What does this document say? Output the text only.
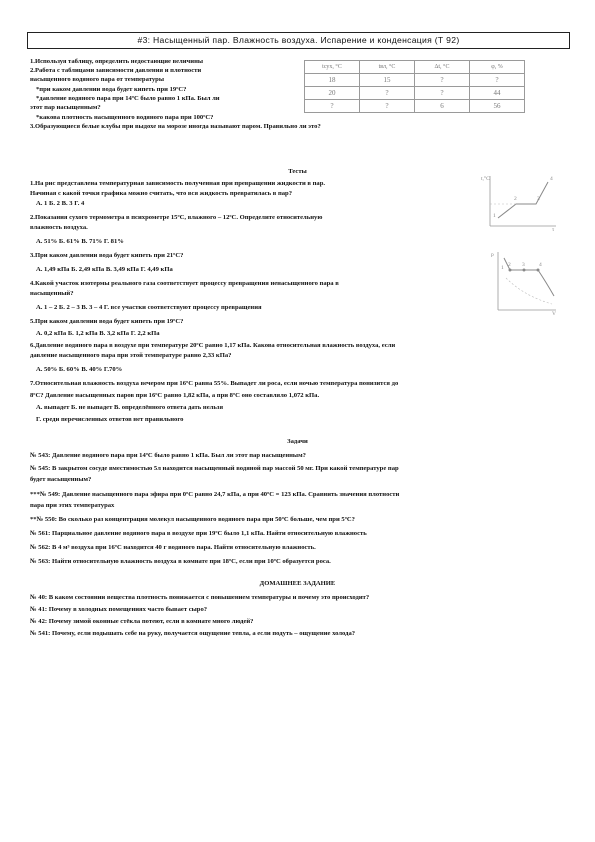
#3: Насыщенный пар. Влажность воздуха. Испарение и конденсация (Т 92)
1.Используя таблицу, определить недостающие величины
2.Работа с таблицами зависимости давления и плотности
насыщенного водяного пара от температуры
*при каком давлении вода будет кипеть при 19ºС?
*давление водяного пара при 14ºС было равно 1 кПа. Был ли
этот пар насыщенным?
*какова плотность насыщенного водяного пара при 100ºС?
3.Образующиеся белые клубы при выдохе на морозе иногда называют паром. Правильно ли это?
tсух, °С	tвл, °С	Δt, °С	φ, %
18	15	?	?
20	?	?	44
?	?	6	56
Тесты
1.На рис представлена температурная зависимость полученная при превращении жидкости в пар.
Начиная с какой точки графика можно считать, что вся жидкость превратилась в пар?
А. 1 Б. 2 В. 3 Г. 4
2.Показания сухого термометра в психрометре 15ºС, влажного – 12ºС. Определите относительную
влажность воздуха.
А. 51% Б. 61% В. 71% Г. 81%
3.При каком давлении вода будет кипеть при 21ºС?
А. 1,49 кПа Б. 2,49 кПа В. 3,49 кПа Г. 4,49 кПа
4.Какой участок изотермы реального газа соответствует процессу превращения ненасыщенного пара в
насыщенный?
А. 1 – 2 Б. 2 – 3 В. 3 – 4 Г. все участки соответствуют процессу превращения
5.При каком давлении вода будет кипеть при 19ºС?
А. 0,2 кПа Б. 1,2 кПа В. 3,2 кПа Г. 2,2 кПа
6.Давление водяного пара в воздухе при температуре 20ºС равно 1,17 кПа. Какова относительная влажность воздуха, если
давление насыщенного пара при этой температуре равно 2,33 кПа?
А. 50% Б. 60% В. 40% Г.70%
7.Относительная влажность воздуха вечером при 16ºС равна 55%. Выпадет ли роса, если ночью температура понизится до
8ºС? Давление насыщенных паров при 16ºС равно 1,82 кПа, а при 8ºС оно составляло 1,072 кПа.
А. выпадет Б. не выпадет В. определённого ответа дать нельзя
Г. среди перечисленных ответов нет правильного
t,°C	4
3
2
1
τ
p
1 2 3	4
V
Задачи
№ 543: Давление водяного пара при 14ºС было равно 1 кПа. Был ли этот пар насыщенным?
№ 545: В закрытом сосуде вместимостью 5л находится насыщенный водяной пар массой 50 мг. При какой температуре пар
будет насыщенным?
***№ 549: Давление насыщенного пара эфира при 0ºС равно 24,7 кПа, а при 40ºС = 123 кПа. Сравнить значения плотности
пара при этих температурах
**№ 550: Во сколько раз концентрация молекул насыщенного водяного пара при 50ºС больше, чем при 5ºС?
№ 561: Парциальное давление водяного пара в воздухе при 19ºС было 1,1 кПа. Найти относительную влажность
№ 562: В 4 м³ воздуха при 16ºС находится 40 г водяного пара. Найти относительную влажность.
№ 563: Найти относительную влажность воздуха в комнате при 18ºС, если при 10ºС образуется роса.
ДОМАШНЕЕ ЗАДАНИЕ
№ 40: В каком состоянии вещества плотность понижается с повышением температуры и почему это происходит?
№ 41: Почему в холодных помещениях часто бывает сыро?
№ 42: Почему зимой оконные стёкла потеют, если в комнате много людей?
№ 541: Почему, если подышать себе на руку, получается ощущение тепла, а если подуть – ощущение холода?
